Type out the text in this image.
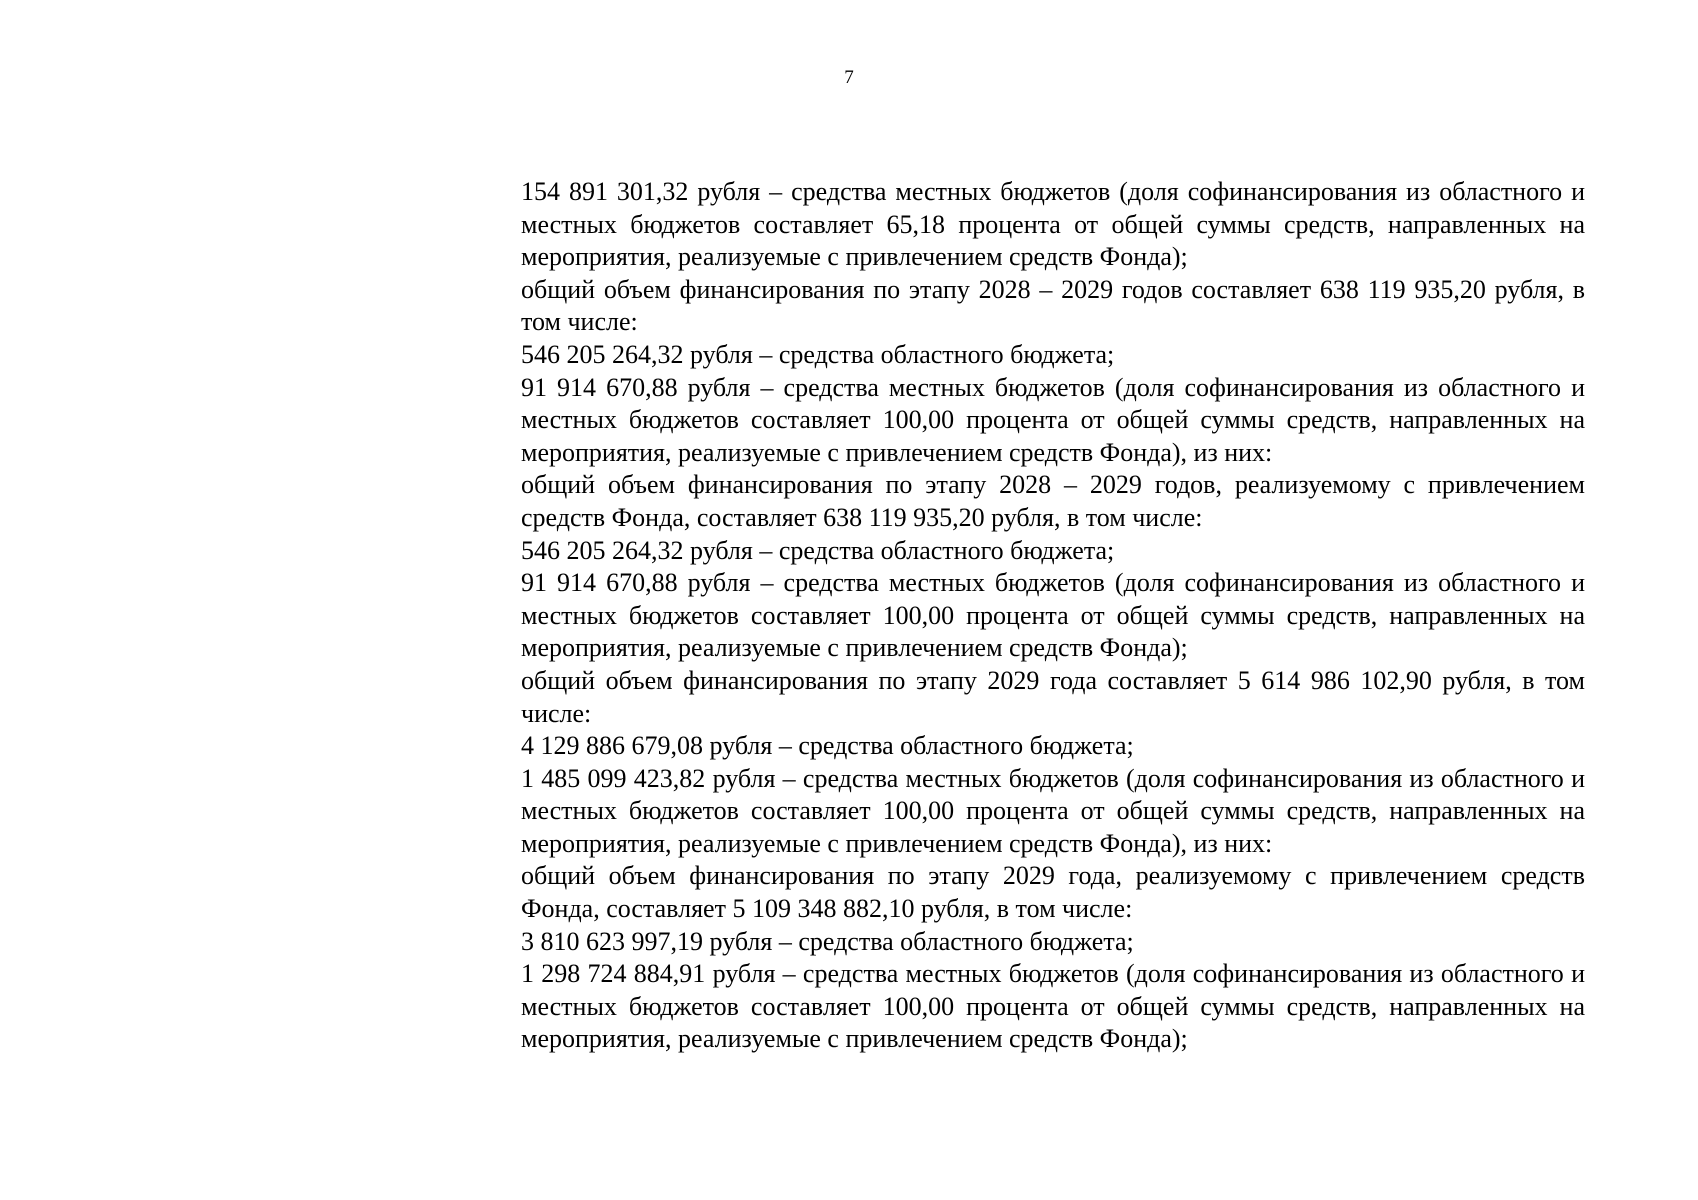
7

154 891 301,32 рубля – средства местных бюджетов (доля софинансирования из областного и местных бюджетов составляет 65,18 процента от общей суммы средств, направленных на мероприятия, реализуемые с привлечением средств Фонда);

общий объем финансирования по этапу 2028 – 2029 годов составляет 638 119 935,20 рубля, в том числе:

546 205 264,32 рубля – средства областного бюджета;

91 914 670,88 рубля – средства местных бюджетов (доля софинансирования из областного и местных бюджетов составляет 100,00 процента от общей суммы средств, направленных на мероприятия, реализуемые с привлечением средств Фонда), из них:

общий объем финансирования по этапу 2028 – 2029 годов, реализуемому с привлечением средств Фонда, составляет 638 119 935,20 рубля, в том числе:

546 205 264,32 рубля – средства областного бюджета;

91 914 670,88 рубля – средства местных бюджетов (доля софинансирования из областного и местных бюджетов составляет 100,00 процента от общей суммы средств, направленных на мероприятия, реализуемые с привлечением средств Фонда);

общий объем финансирования по этапу 2029 года составляет 5 614 986 102,90 рубля, в том числе:

4 129 886 679,08 рубля – средства областного бюджета;

1 485 099 423,82 рубля – средства местных бюджетов (доля софинансирования из областного и местных бюджетов составляет 100,00 процента от общей суммы средств, направленных на мероприятия, реализуемые с привлечением средств Фонда), из них:

общий объем финансирования по этапу 2029 года, реализуемому с привлечением средств Фонда, составляет 5 109 348 882,10 рубля, в том числе:

3 810 623 997,19 рубля – средства областного бюджета;

1 298 724 884,91 рубля – средства местных бюджетов (доля софинансирования из областного и местных бюджетов составляет 100,00 процента от общей суммы средств, направленных на мероприятия, реализуемые с привлечением средств Фонда);
